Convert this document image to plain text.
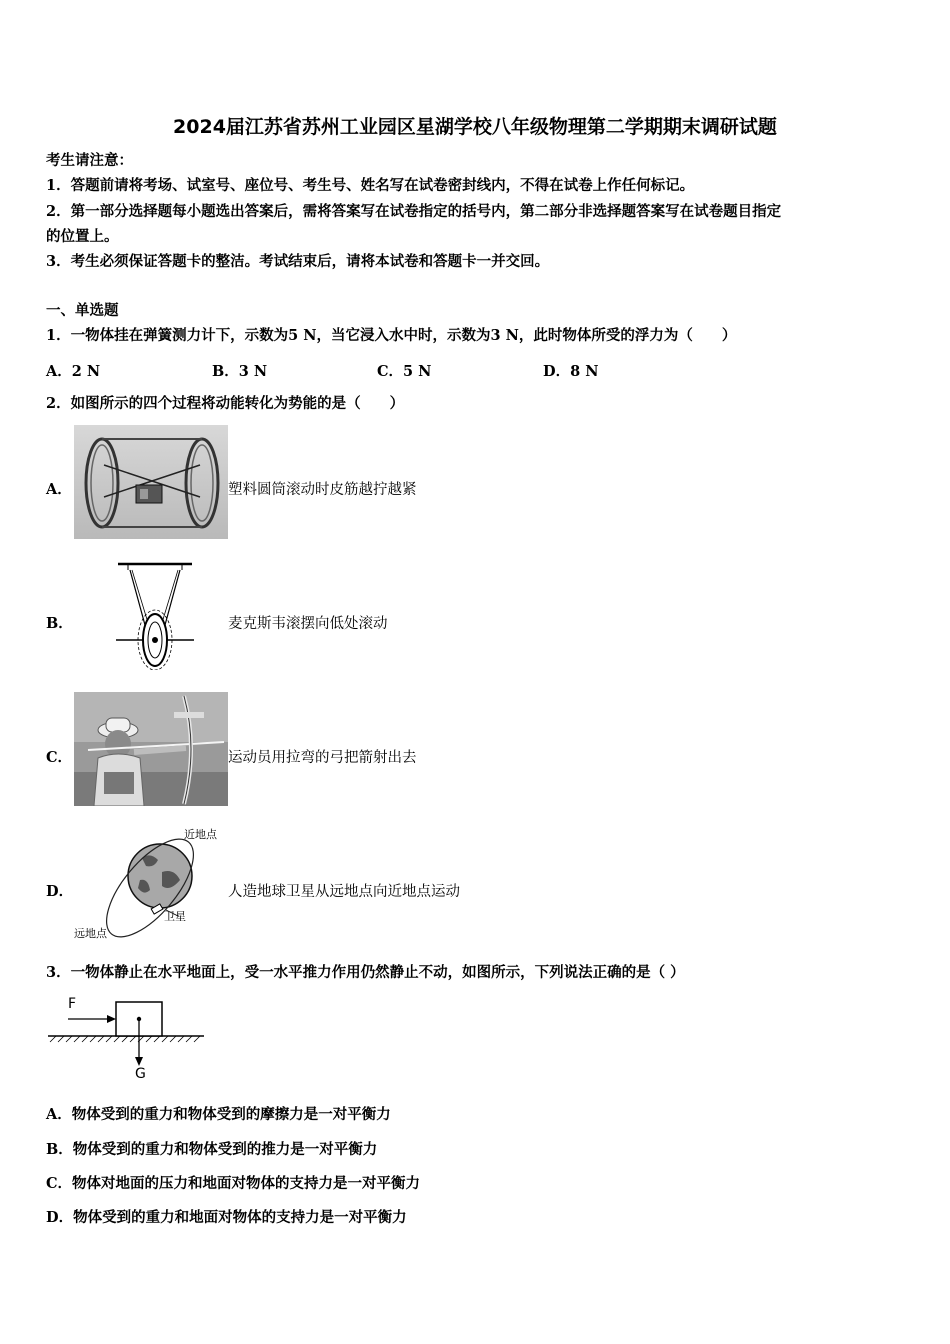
2024届江苏省苏州工业园区星湖学校八年级物理第二学期期末调研试题
考生请注意：
1．答题前请将考场、试室号、座位号、考生号、姓名写在试卷密封线内，不得在试卷上作任何标记。
2．第一部分选择题每小题选出答案后，需将答案写在试卷指定的括号内，第二部分非选择题答案写在试卷题目指定
的位置上。
3．考生必须保证答题卡的整洁。考试结束后，请将本试卷和答题卡一并交回。
一、单选题
1．一物体挂在弹簧测力计下，示数为5 N，当它浸入水中时，示数为3 N，此时物体所受的浮力为（　　）
A．2 N	B．3 N	C．5 N	D．8 N
2．如图所示的四个过程将动能转化为势能的是（　　）
A．	塑料圆筒滚动时皮筋越拧越紧
B．	麦克斯韦滚摆向低处滚动
C．	运动员用拉弯的弓把箭射出去
D．
近地点
远地点
卫星
人造地球卫星从远地点向近地点运动
3．一物体静止在水平地面上，受一水平推力作用仍然静止不动，如图所示，下列说法正确的是（ ）
F
G
A．物体受到的重力和物体受到的摩擦力是一对平衡力
B．物体受到的重力和物体受到的推力是一对平衡力
C．物体对地面的压力和地面对物体的支持力是一对平衡力
D．物体受到的重力和地面对物体的支持力是一对平衡力
